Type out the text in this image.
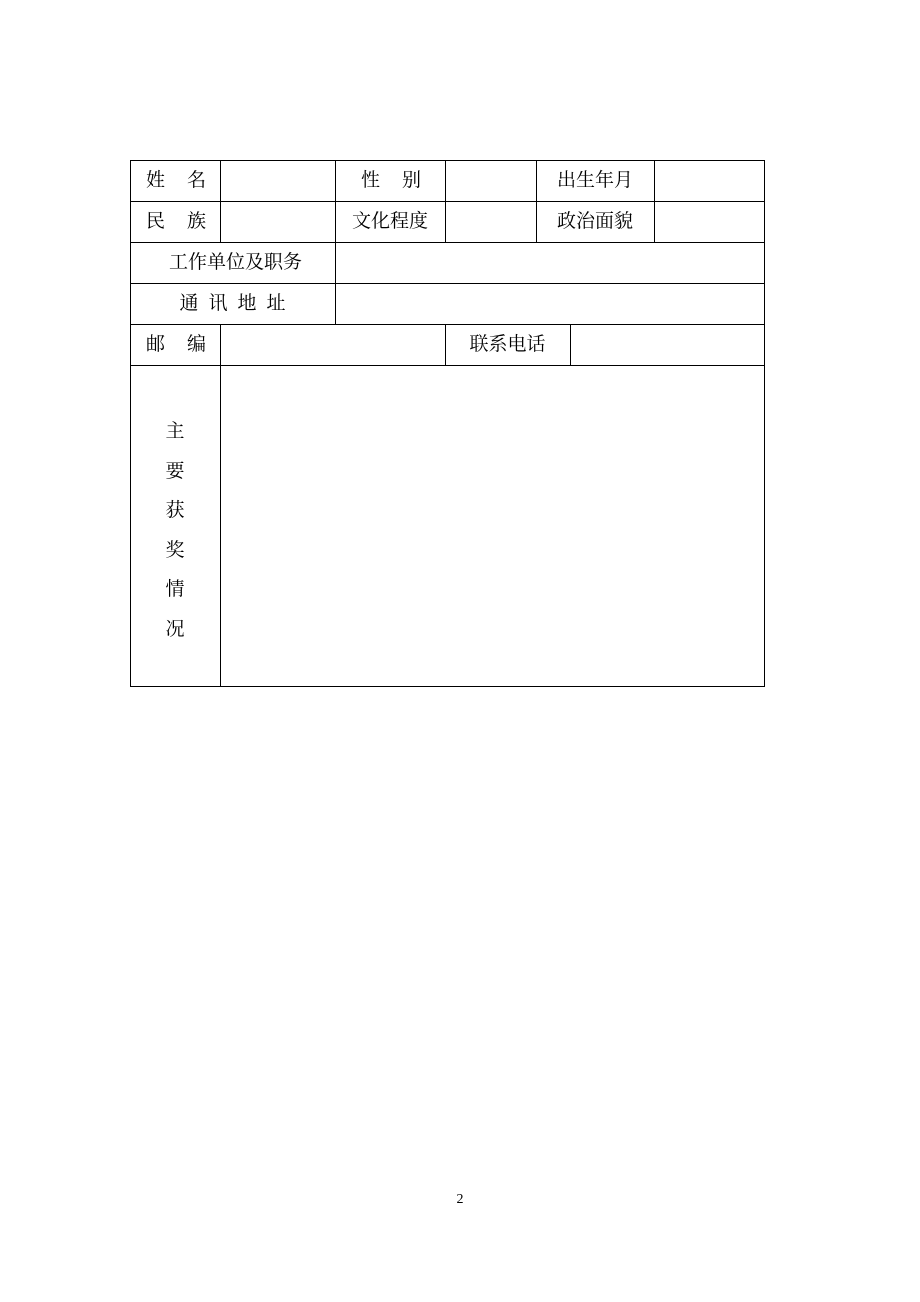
姓 名	性 别	出生年月
民 族	文化程度	政治面貌
工作单位及职务
通讯地址
邮 编	联系电话
主
要
获
奖
情
况
2
